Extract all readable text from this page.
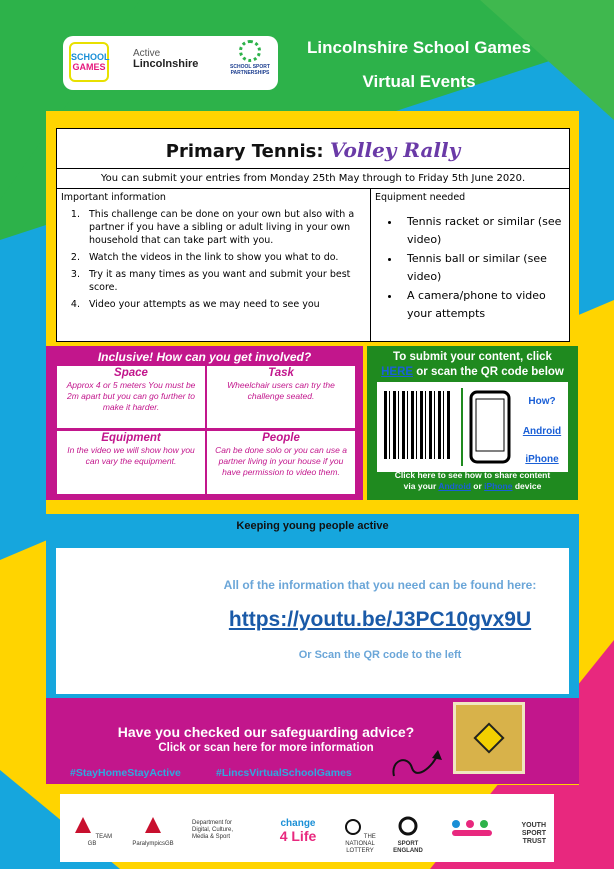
SCHOOL
GAMES
Active
Lincolnshire	SCHOOL SPORT PARTNERSHIPS
Lincolnshire School Games
Virtual Events
Primary Tennis: Volley Rally
You can submit your entries from Monday 25th May through to Friday 5th June 2020.
Important information
1. This challenge can be done on your own but also with a partner if you have a sibling or adult living in your own household that can take part with you.
2. Watch the videos in the link to show you what to do.
3. Try it as many times as you want and submit your best score.
4. Video your attempts as we may need to see you
Equipment needed
• Tennis racket or similar (see video)
• Tennis ball or similar (see video)
• A camera/phone to video your attempts
Inclusive! How can you get involved?
Space
Approx 4 or 5 meters You must be 2m apart but you can go further to make it harder.
Task
Wheelchair users can try the challenge seated.
Equipment
In the video we will show how you can vary the equipment.
People
Can be done solo or you can use a partner living in your house if you have permission to video them.
To submit your content, click
HERE or scan the QR code below
How?
Android
iPhone
Click here to see how to share content
via your Android or iPhone device
Keeping young people active
All of the information that you need can be found here:
https://youtu.be/J3PC10gvx9U
Or Scan the QR code to the left
Have you checked our safeguarding advice?
Click or scan here for more information
#StayHomeStayActive	#LincsVirtualSchoolGames
TEAM GB	ParalympicsGB
Department for
Digital, Culture,
Media & Sport
change
4 Life	THE NATIONAL LOTTERY
SPORT ENGLAND
YOUTH SPORT TRUST
